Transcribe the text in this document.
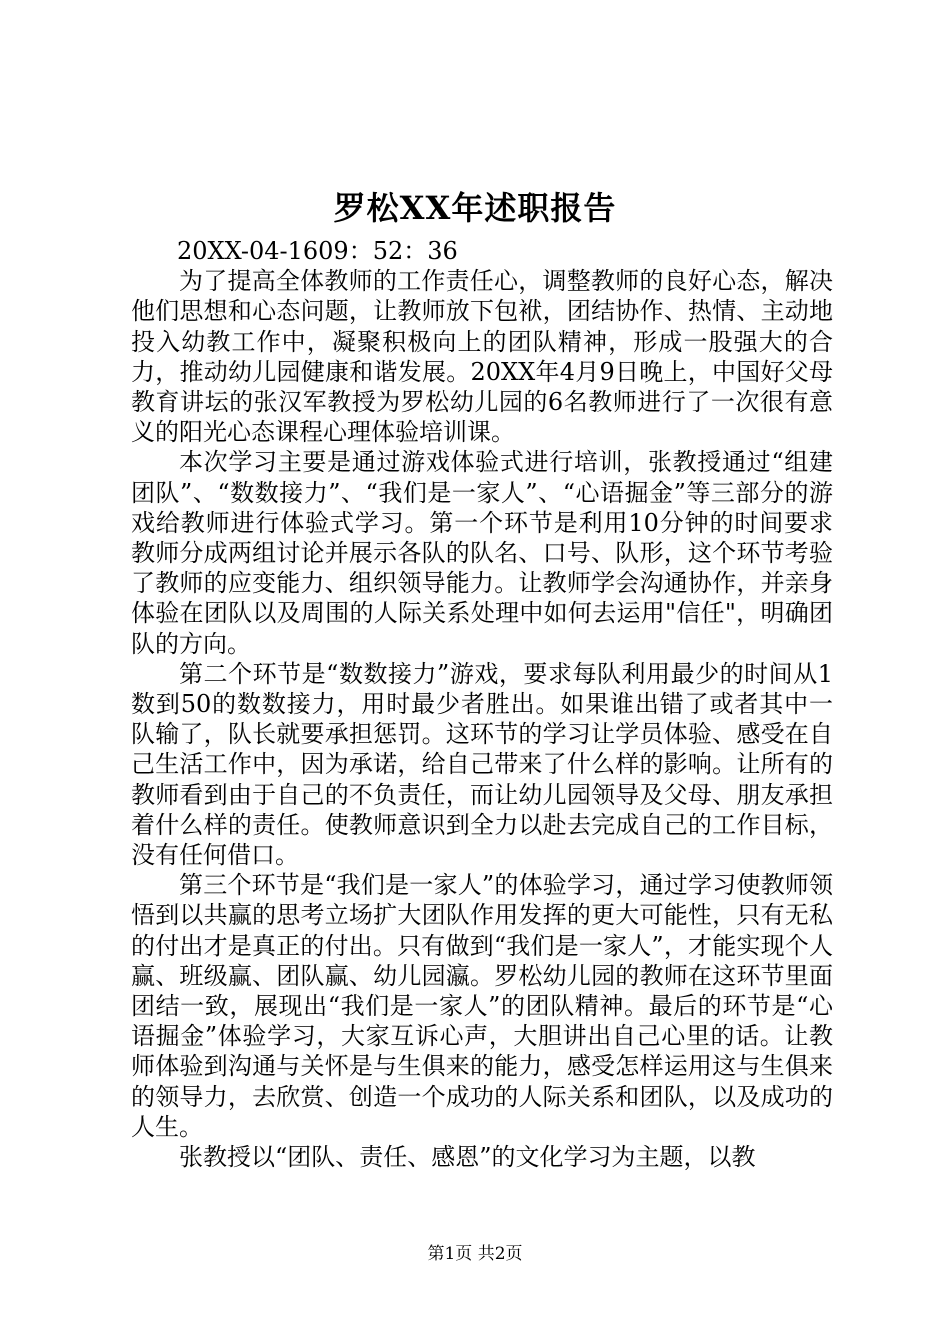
罗松XX年述职报告
20XX-04-1609：52：36

为了提高全体教师的工作责任心，调整教师的良好心态，解决他们思想和心态问题，让教师放下包袱，团结协作、热情、主动地投入幼教工作中，凝聚积极向上的团队精神，形成一股强大的合力，推动幼儿园健康和谐发展。20XX年4月9日晚上，中国好父母教育讲坛的张汉军教授为罗松幼儿园的6名教师进行了一次很有意义的阳光心态课程心理体验培训课。

本次学习主要是通过游戏体验式进行培训，张教授通过“组建团队”、“数数接力”、“我们是一家人”、“心语掘金”等三部分的游戏给教师进行体验式学习。第一个环节是利用10分钟的时间要求教师分成两组讨论并展示各队的队名、口号、队形，这个环节考验了教师的应变能力、组织领导能力。让教师学会沟通协作，并亲身体验在团队以及周围的人际关系处理中如何去运用"信任"，明确团队的方向。

第二个环节是“数数接力”游戏，要求每队利用最少的时间从1数到50的数数接力，用时最少者胜出。如果谁出错了或者其中一队输了，队长就要承担惩罚。这环节的学习让学员体验、感受在自己生活工作中，因为承诺，给自己带来了什么样的影响。让所有的教师看到由于自己的不负责任，而让幼儿园领导及父母、朋友承担着什么样的责任。使教师意识到全力以赴去完成自己的工作目标，没有任何借口。

第三个环节是“我们是一家人”的体验学习，通过学习使教师领悟到以共赢的思考立场扩大团队作用发挥的更大可能性，只有无私的付出才是真正的付出。只有做到“我们是一家人”，才能实现个人赢、班级赢、团队赢、幼儿园瀛。罗松幼儿园的教师在这环节里面团结一致，展现出“我们是一家人”的团队精神。最后的环节是“心语掘金”体验学习，大家互诉心声，大胆讲出自己心里的话。让教师体验到沟通与关怀是与生俱来的能力，感受怎样运用这与生俱来的领导力，去欣赏、创造一个成功的人际关系和团队，以及成功的人生。

张教授以“团队、责任、感恩”的文化学习为主题，以教

第1页 共2页
